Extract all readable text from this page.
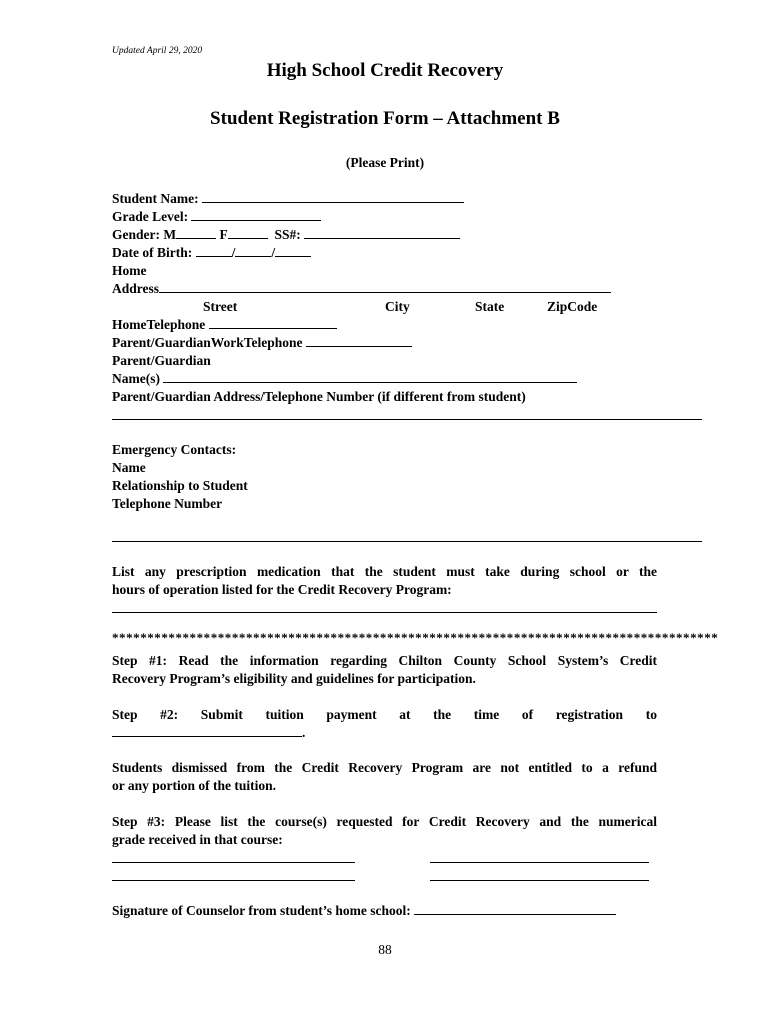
Updated April 29, 2020
High School Credit Recovery
Student Registration Form – Attachment B
(Please Print)
Student Name:
Grade Level:
Gender: M	F	SS#:
Date of Birth:	/	/
Home
Address
Street	City	State	ZipCode
HomeTelephone
Parent/GuardianWorkTelephone
Parent/Guardian
Name(s)
Parent/Guardian Address/Telephone Number (if different from student)
Emergency Contacts:
Name
Relationship to Student
Telephone Number
List any prescription medication that the student must take during school or the
hours of operation listed for the Credit Recovery Program:
**************************************************************************************
Step #1: Read the information regarding Chilton County School System’s Credit
Recovery Program’s eligibility and guidelines for participation.
Step #2: Submit tuition payment at the time of registration to
.
Students dismissed from the Credit Recovery Program are not entitled to a refund
or any portion of the tuition.
Step #3: Please list the course(s) requested for Credit Recovery and the numerical
grade received in that course:
Signature of Counselor from student’s home school:
88
